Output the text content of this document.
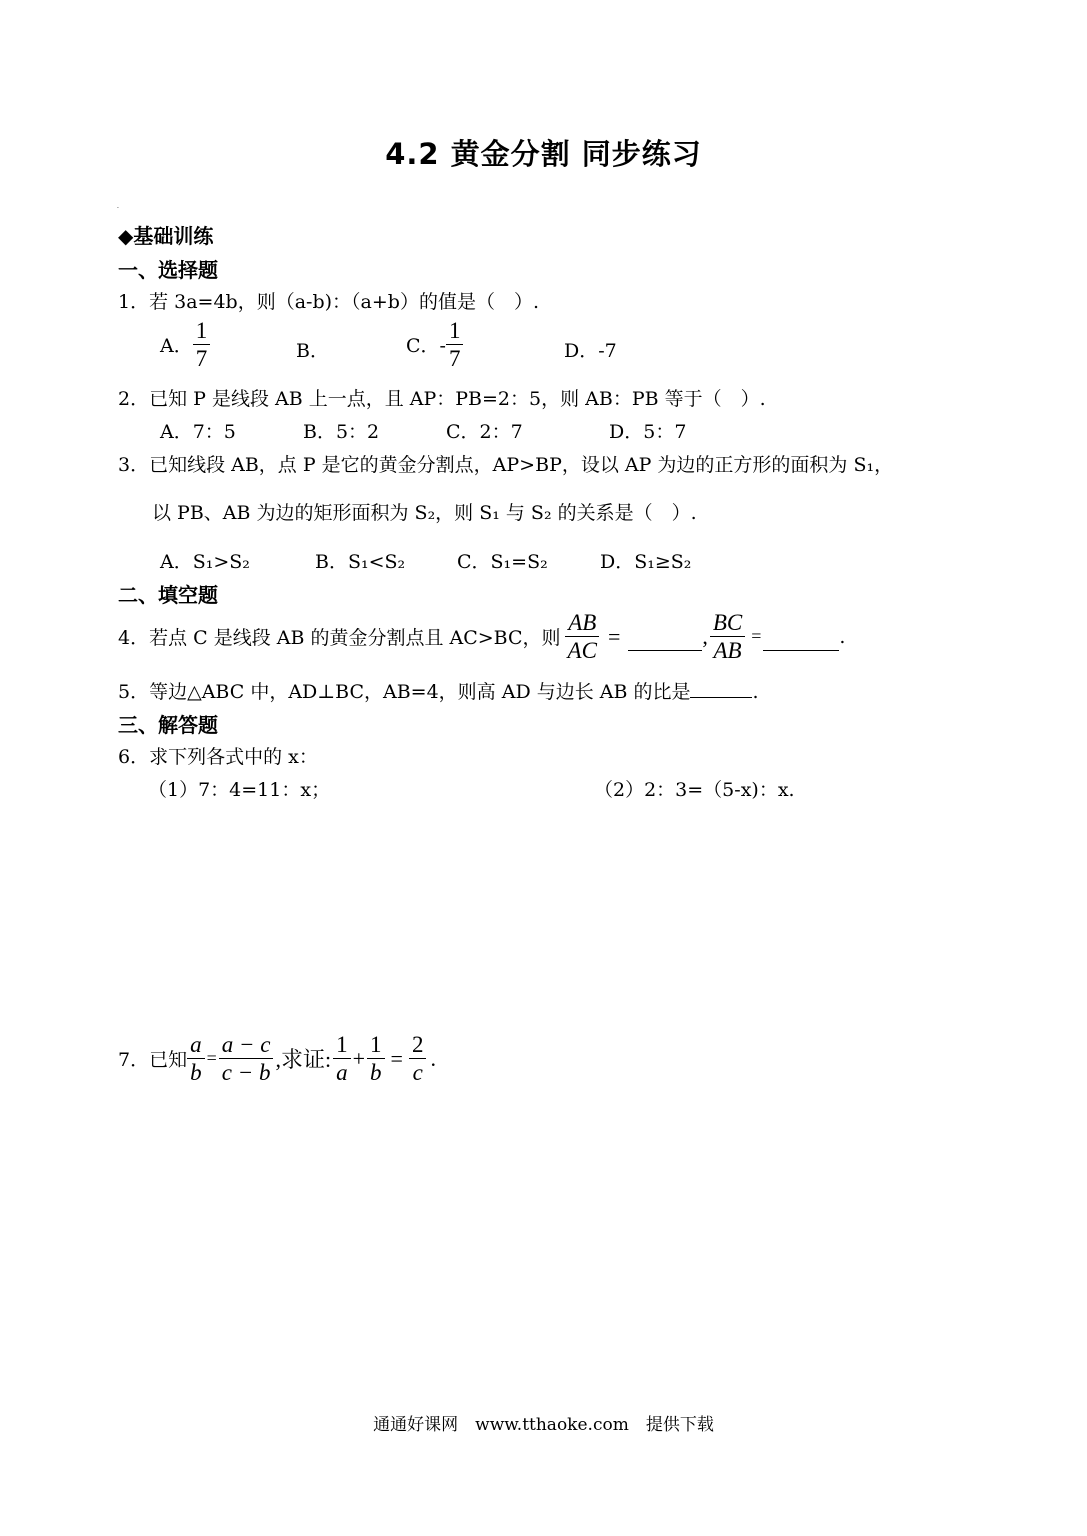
4.2 黄金分割 同步练习
.
◆基础训练
一、选择题
1．若 3a=4b，则（a-b)：（a+b）的值是（　）.
A． $\frac{1}{7}$	B．	C．- $\frac{1}{7}$	D．-7
2．已知 P 是线段 AB 上一点，且 AP：PB=2：5，则 AB：PB 等于（　）.
A．7：5	B．5：2	C．2：7	D．5：7
3．已知线段 AB，点 P 是它的黄金分割点，AP>BP，设以 AP 为边的正方形的面积为 S₁，
以 PB、AB 为边的矩形面积为 S₂，则 S₁ 与 S₂ 的关系是（　）.
A．S₁>S₂	B．S₁<S₂	C．S₁=S₂	D．S₁≥S₂
二、填空题
4．若点 C 是线段 AB 的黄金分割点且 AC>BC，则 $\frac{AB}{AC}$ =	, $\frac{BC}{AB}$ =	.
5．等边△ABC 中，AD⊥BC，AB=4，则高 AD 与边长 AB 的比是	.
三、解答题
6．求下列各式中的 x：
（1）7：4=11：x；	（2）2：3=（5-x)：x.
7．已知 $\frac{a}{b} = \frac{a - c}{c - b}$ ,求证: $\frac{1}{a} + \frac{1}{b} = \frac{2}{c}$ .
通通好课网　www.tthaoke.com　提供下载
